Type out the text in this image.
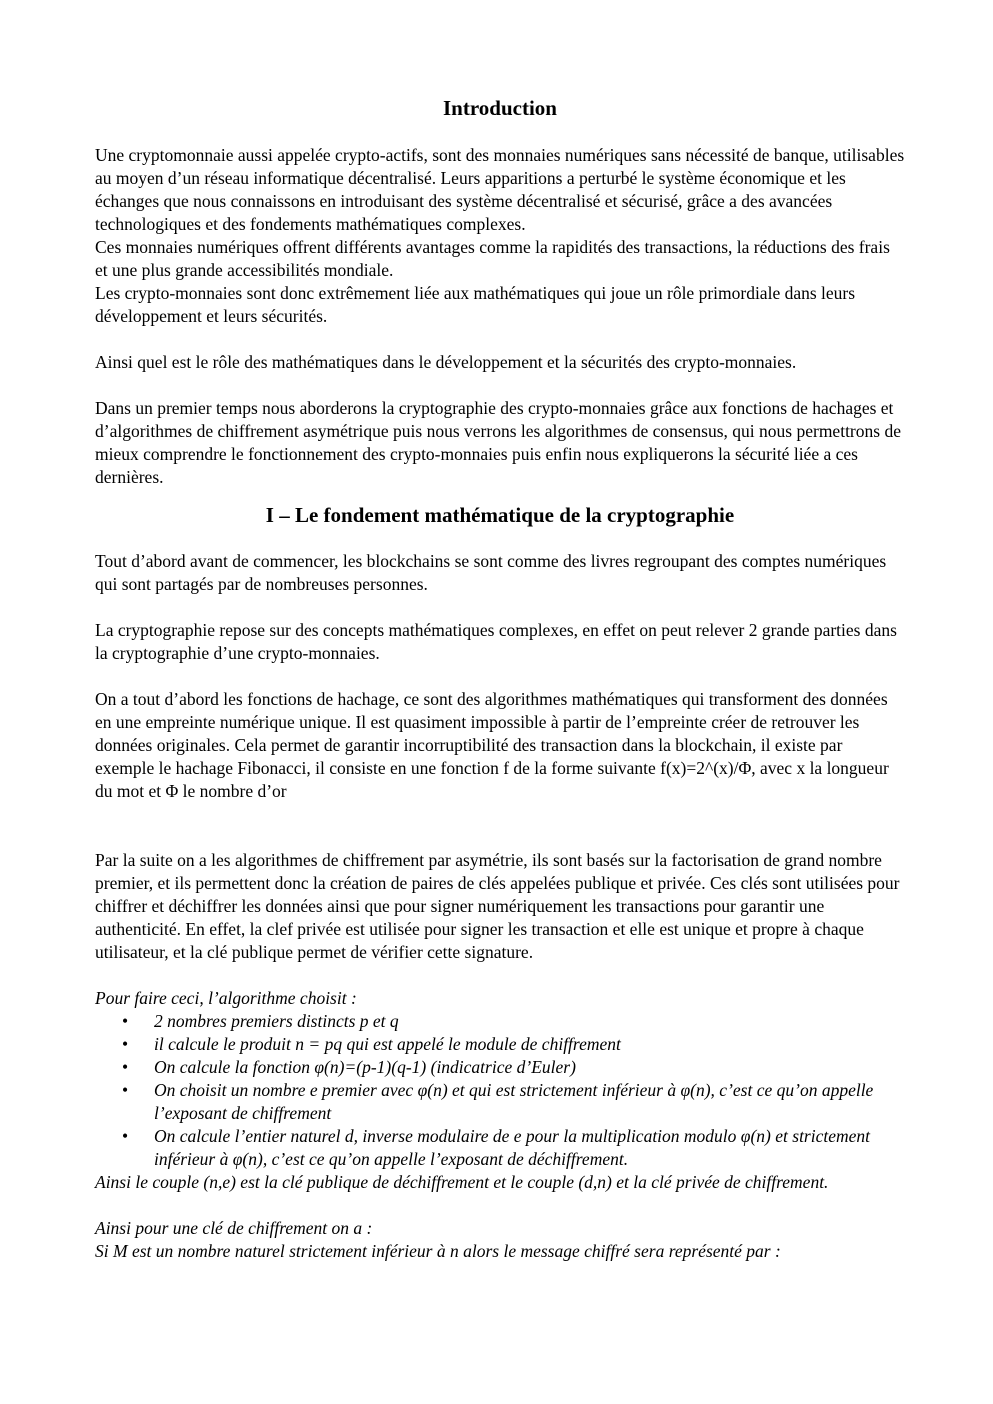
Introduction

Une cryptomonnaie aussi appelée crypto-actifs, sont des monnaies numériques sans nécessité de banque, utilisables au moyen d’un réseau informatique décentralisé. Leurs apparitions a perturbé le système économique et les échanges que nous connaissons en introduisant des système décentralisé et sécurisé, grâce a des avancées technologiques et des fondements mathématiques complexes.

Ces monnaies numériques offrent différents avantages comme la rapidités des transactions, la réductions des frais et une plus grande accessibilités mondiale.

Les crypto-monnaies sont donc extrêmement liée aux mathématiques qui joue un rôle primordiale dans leurs développement et leurs sécurités.

Ainsi quel est le rôle des mathématiques dans le développement et la sécurités des crypto-monnaies.

Dans un premier temps nous aborderons la cryptographie des crypto-monnaies grâce aux fonctions de hachages et d’algorithmes de chiffrement asymétrique puis nous verrons les algorithmes de consensus, qui nous permettrons de mieux comprendre le fonctionnement des crypto-monnaies puis enfin nous expliquerons la sécurité liée a ces dernières.

I – Le fondement mathématique de la cryptographie

Tout d’abord avant de commencer, les blockchains se sont comme des livres regroupant des comptes numériques qui sont partagés par de nombreuses personnes.

La cryptographie repose sur des concepts mathématiques complexes, en effet on peut relever 2 grande parties dans la cryptographie d’une crypto-monnaies.

On a tout d’abord les fonctions de hachage, ce sont des algorithmes mathématiques qui transforment des données en une empreinte numérique unique. Il est quasiment impossible à partir de l’empreinte créer de retrouver les données originales. Cela permet de garantir incorruptibilité des transaction dans la blockchain, il existe par exemple le hachage Fibonacci, il consiste en une fonction f de la forme suivante f(x)=2^(x)/Φ, avec x la longueur du mot et Φ le nombre d’or

Par la suite on a les algorithmes de chiffrement par asymétrie, ils sont basés sur la factorisation de grand nombre premier, et ils permettent donc la création de paires de clés appelées publique et privée. Ces clés sont utilisées pour chiffrer et déchiffrer les données ainsi que pour signer numériquement les transactions pour garantir une authenticité. En effet, la clef privée est utilisée pour signer les transaction et elle est unique et propre à chaque utilisateur, et la clé publique permet de vérifier cette signature.

Pour faire ceci, l’algorithme choisit :

• 2 nombres premiers distincts p et q
• il calcule le produit n = pq qui est appelé le module de chiffrement
• On calcule la fonction φ(n)=(p-1)(q-1) (indicatrice d’Euler)
• On choisit un nombre e premier avec φ(n) et qui est strictement inférieur à φ(n), c’est ce qu’on appelle l’exposant de chiffrement
• On calcule l’entier naturel d, inverse modulaire de e pour la multiplication modulo φ(n) et strictement inférieur à φ(n), c’est ce qu’on appelle l’exposant de déchiffrement.

Ainsi le couple (n,e) est la clé publique de déchiffrement et le couple (d,n) et la clé privée de chiffrement.

Ainsi pour une clé de chiffrement on a :

Si M est un nombre naturel strictement inférieur à n alors le message chiffré sera représenté par :
